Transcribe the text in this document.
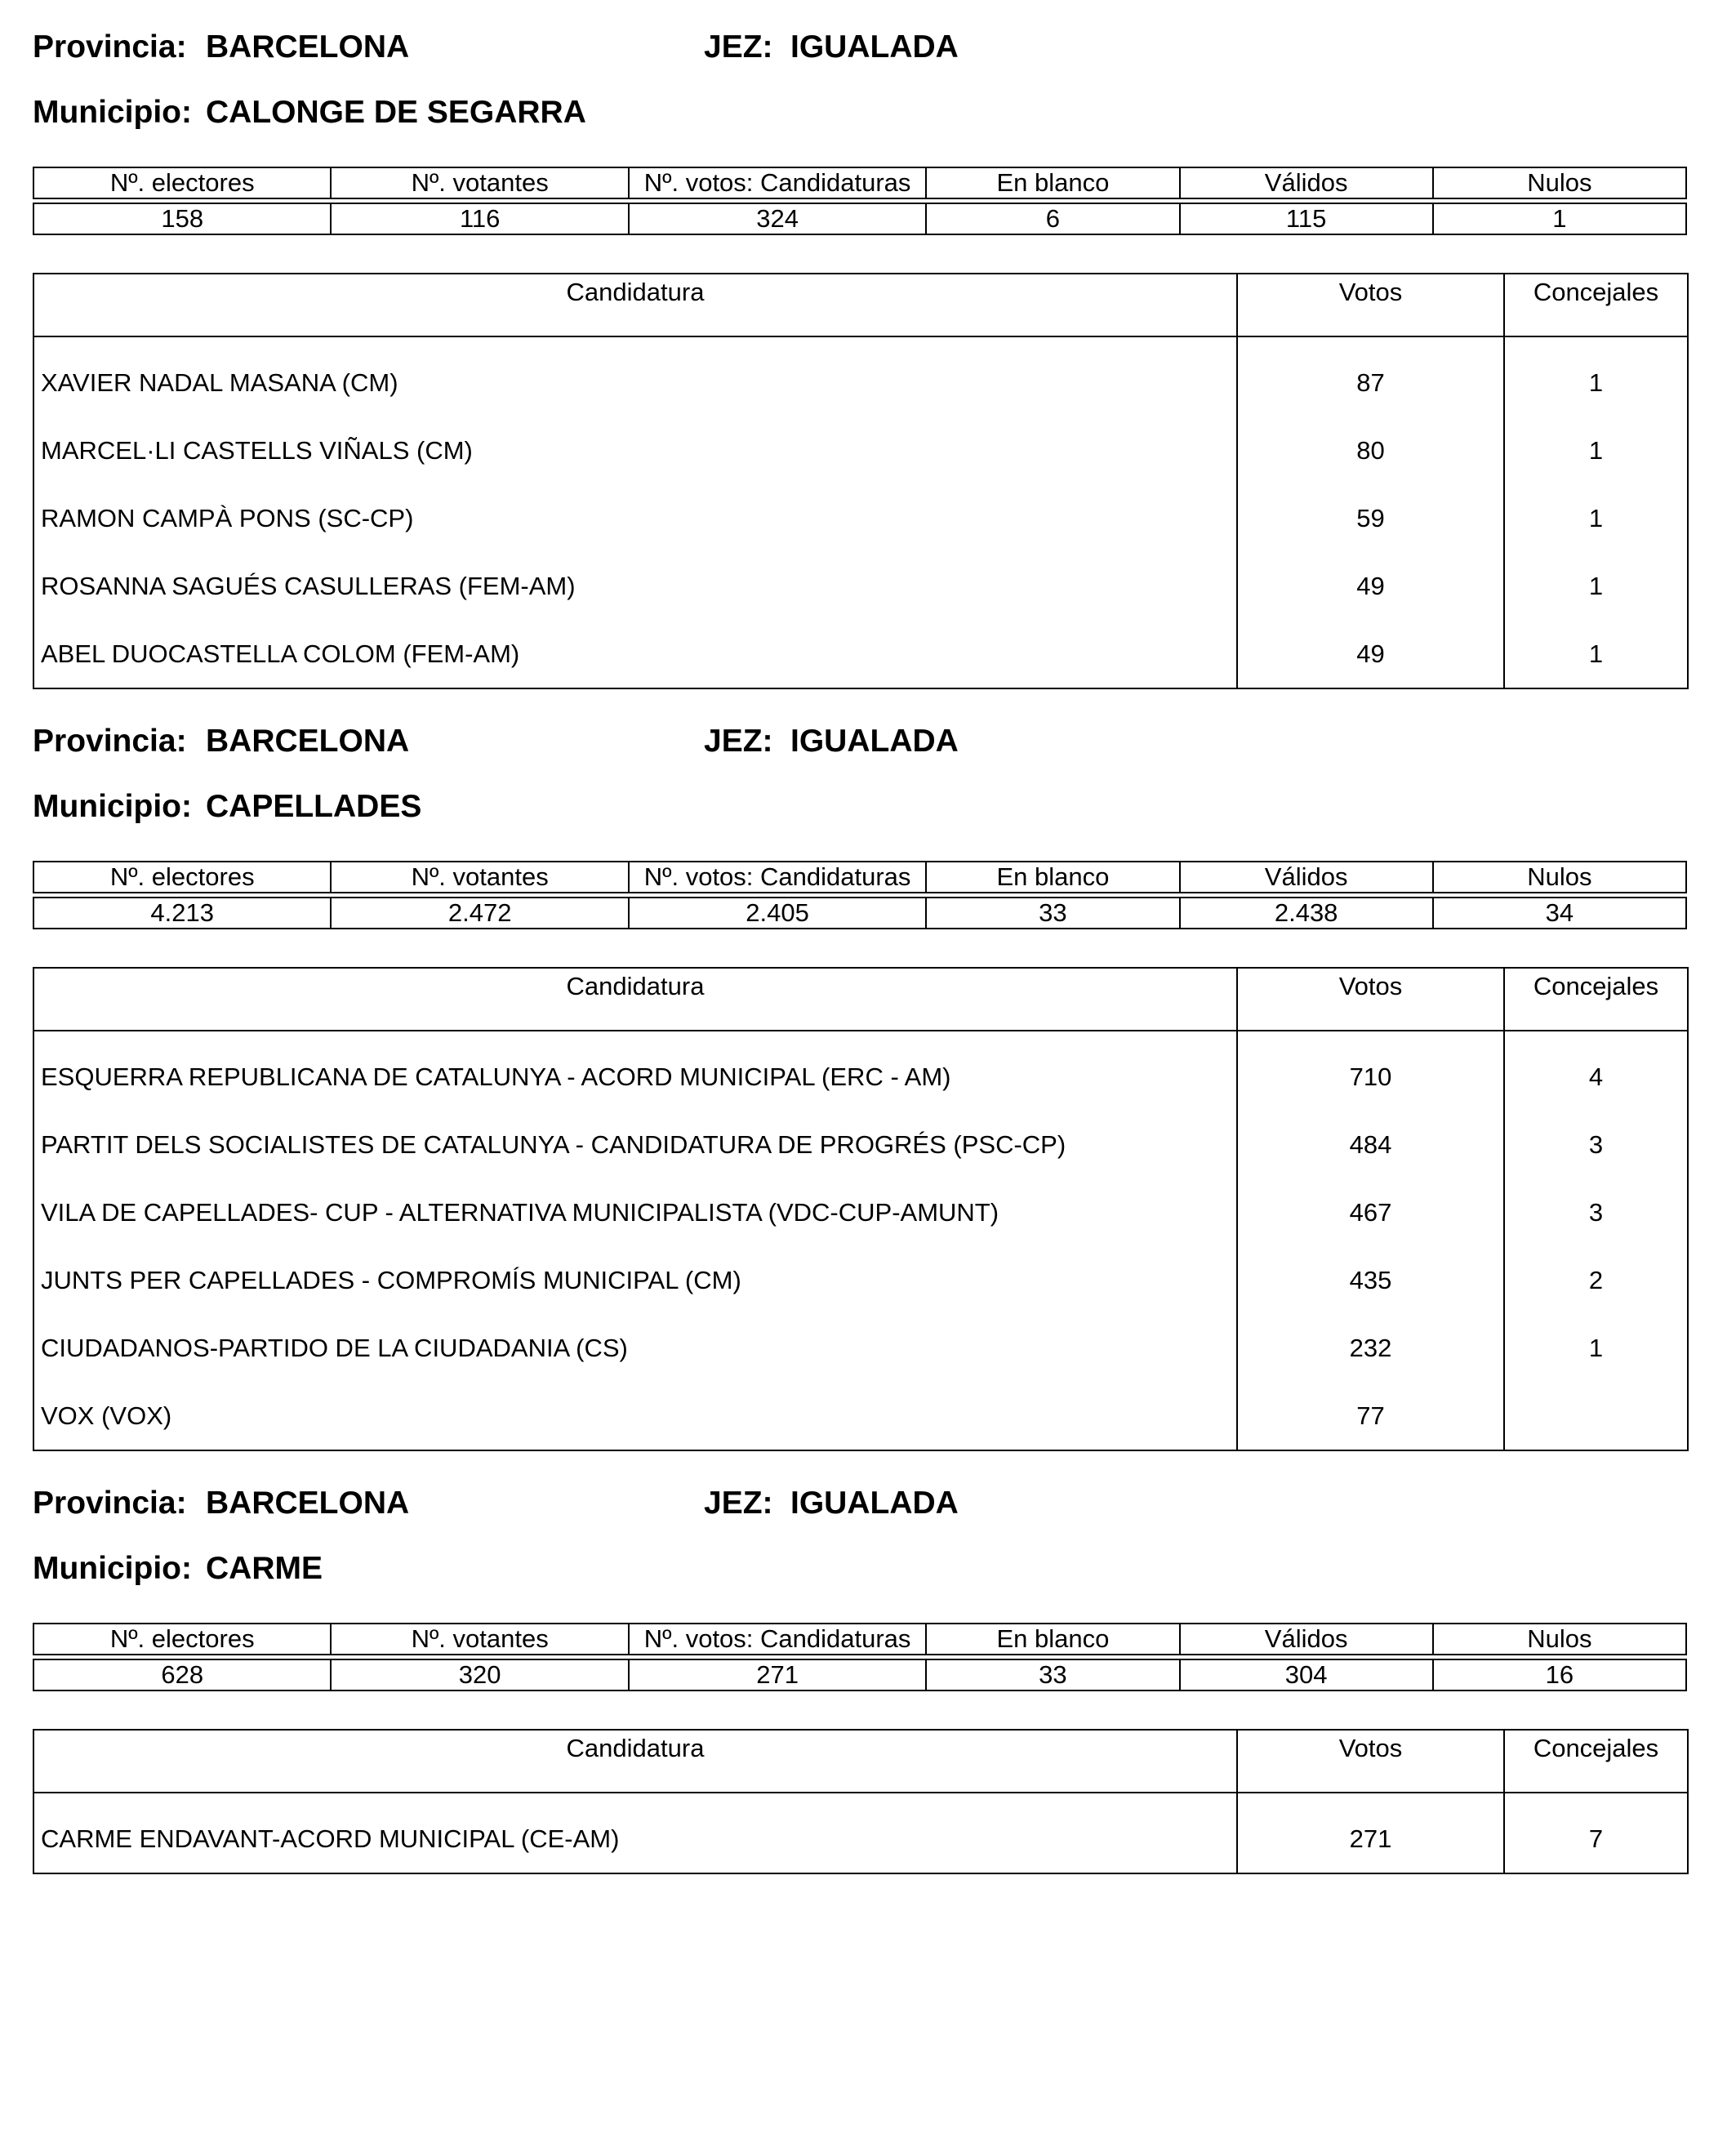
Provincia: BARCELONA	JEZ: IGUALADA
Municipio: CALONGE DE SEGARRA
Nº. electores	Nº. votantes	Nº. votos: Candidaturas	En blanco	Válidos	Nulos

158	116	324	6	115	1
Candidatura	Votos	Concejales
XAVIER NADAL MASANA (CM)	87	1
MARCEL·LI CASTELLS VIÑALS (CM)	80	1
RAMON CAMPÀ PONS (SC-CP)	59	1
ROSANNA SAGUÉS CASULLERAS (FEM-AM)	49	1
ABEL DUOCASTELLA COLOM (FEM-AM)	49	1
Provincia: BARCELONA	JEZ: IGUALADA
Municipio: CAPELLADES
Nº. electores	Nº. votantes	Nº. votos: Candidaturas	En blanco	Válidos	Nulos

4.213	2.472	2.405	33	2.438	34
Candidatura	Votos	Concejales
ESQUERRA REPUBLICANA DE CATALUNYA - ACORD MUNICIPAL (ERC - AM)	710	4
PARTIT DELS SOCIALISTES DE CATALUNYA - CANDIDATURA DE PROGRÉS (PSC-CP)	484	3
VILA DE CAPELLADES- CUP - ALTERNATIVA MUNICIPALISTA (VDC-CUP-AMUNT)	467	3
JUNTS PER CAPELLADES - COMPROMÍS MUNICIPAL (CM)	435	2
CIUDADANOS-PARTIDO DE LA CIUDADANIA (CS)	232	1
VOX (VOX)	77	
Provincia: BARCELONA	JEZ: IGUALADA
Municipio: CARME
Nº. electores	Nº. votantes	Nº. votos: Candidaturas	En blanco	Válidos	Nulos

628	320	271	33	304	16
Candidatura	Votos	Concejales
CARME ENDAVANT-ACORD MUNICIPAL (CE-AM)	271	7
